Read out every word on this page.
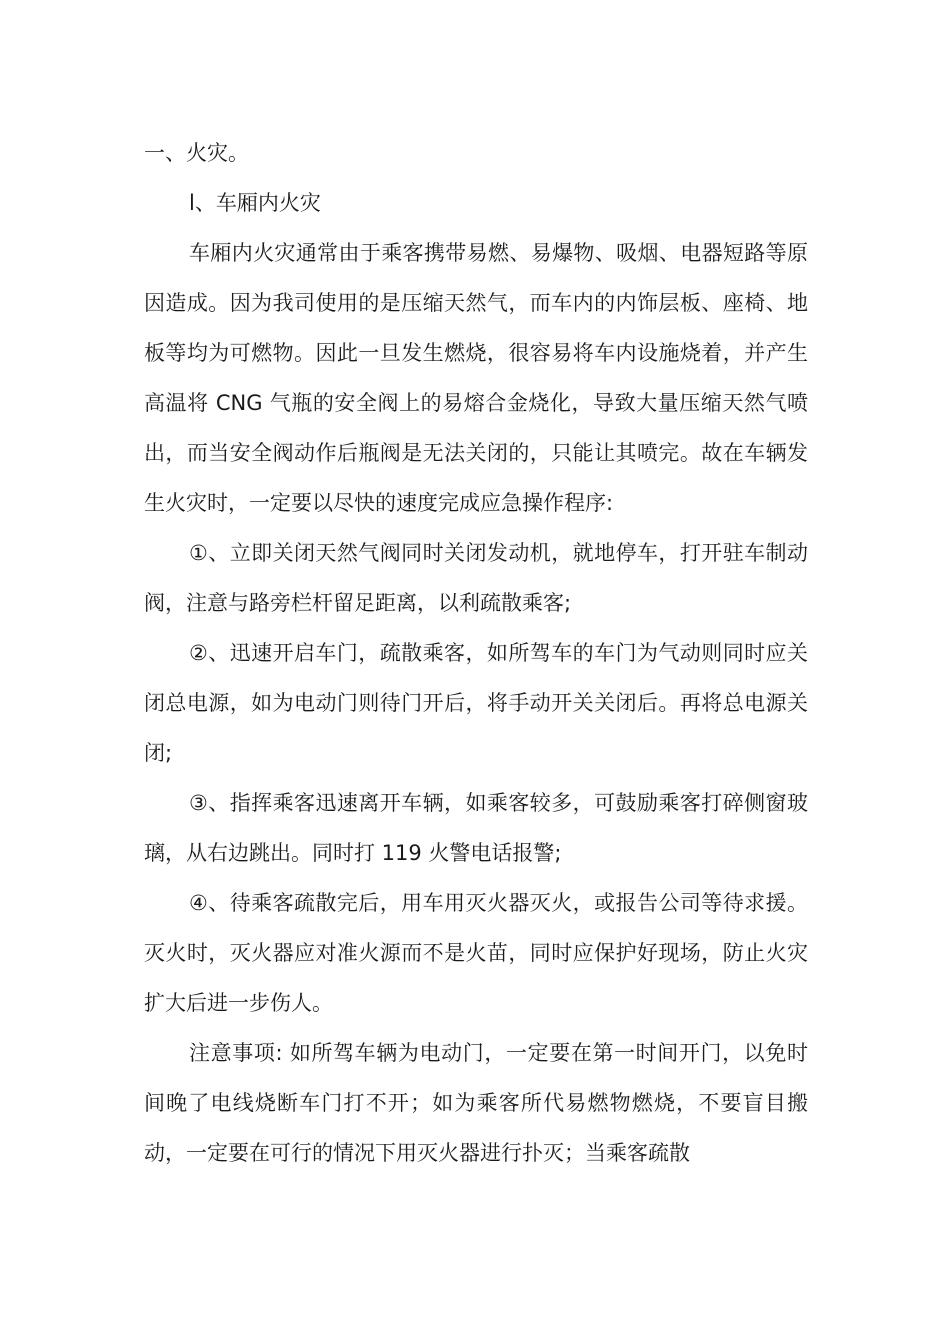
一、火灾。

l、车厢内火灾

车厢内火灾通常由于乘客携带易燃、易爆物、吸烟、电器短路等原因造成。因为我司使用的是压缩天然气，而车内的内饰层板、座椅、地板等均为可燃物。因此一旦发生燃烧，很容易将车内设施烧着，并产生高温将 CNG 气瓶的安全阀上的易熔合金烧化，导致大量压缩天然气喷出，而当安全阀动作后瓶阀是无法关闭的，只能让其喷完。故在车辆发生火灾时，一定要以尽快的速度完成应急操作程序:

①、立即关闭天然气阀同时关闭发动机，就地停车，打开驻车制动阀，注意与路旁栏杆留足距离，以利疏散乘客;

②、迅速开启车门，疏散乘客，如所驾车的车门为气动则同时应关闭总电源，如为电动门则待门开后，将手动开关关闭后。再将总电源关闭;

③、指挥乘客迅速离开车辆，如乘客较多，可鼓励乘客打碎侧窗玻璃，从右边跳出。同时打 119 火警电话报警;

④、待乘客疏散完后，用车用灭火器灭火，或报告公司等待求援。灭火时，灭火器应对准火源而不是火苗，同时应保护好现场，防止火灾扩大后进一步伤人。

注意事项: 如所驾车辆为电动门，一定要在第一时间开门，以免时间晚了电线烧断车门打不开；如为乘客所代易燃物燃烧，不要盲目搬动，一定要在可行的情况下用灭火器进行扑灭；当乘客疏散
